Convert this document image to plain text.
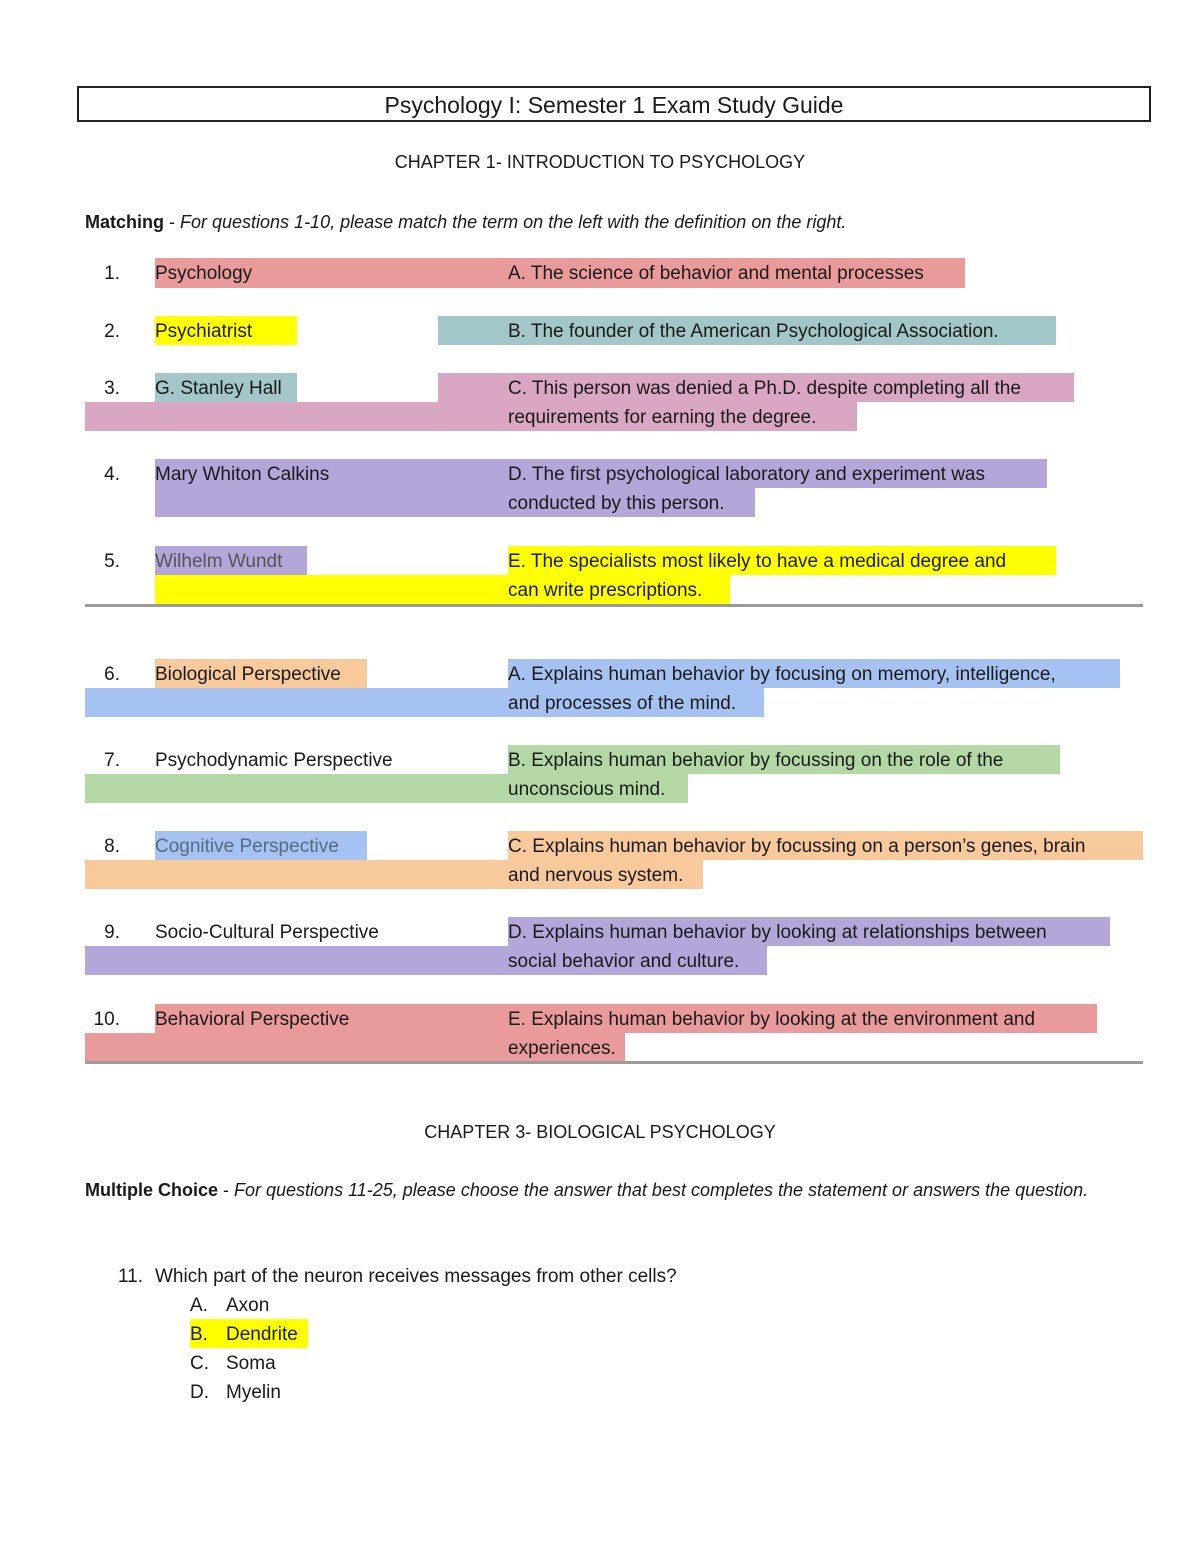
Psychology I: Semester 1 Exam Study Guide
CHAPTER 1- INTRODUCTION TO PSYCHOLOGY
Matching - For questions 1-10, please match the term on the left with the definition on the right.
1. Psychology	A. The science of behavior and mental processes
2. Psychiatrist	B. The founder of the American Psychological Association.
3. G. Stanley Hall	C. This person was denied a Ph.D. despite completing all the
requirements for earning the degree.
4. Mary Whiton Calkins	D. The first psychological laboratory and experiment was
conducted by this person.
5. Wilhelm Wundt	E. The specialists most likely to have a medical degree and
can write prescriptions.
6. Biological Perspective	A. Explains human behavior by focusing on memory, intelligence,
and processes of the mind.
7. Psychodynamic Perspective	B. Explains human behavior by focussing on the role of the
unconscious mind.
8. Cognitive Perspective	C. Explains human behavior by focussing on a person’s genes, brain
and nervous system.
9. Socio-Cultural Perspective	D. Explains human behavior by looking at relationships between
social behavior and culture.
10. Behavioral Perspective	E. Explains human behavior by looking at the environment and
experiences.
CHAPTER 3- BIOLOGICAL PSYCHOLOGY
Multiple Choice - For questions 11-25, please choose the answer that best completes the statement or answers the question.
11. Which part of the neuron receives messages from other cells?
A. Axon
B. Dendrite
C. Soma
D. Myelin
